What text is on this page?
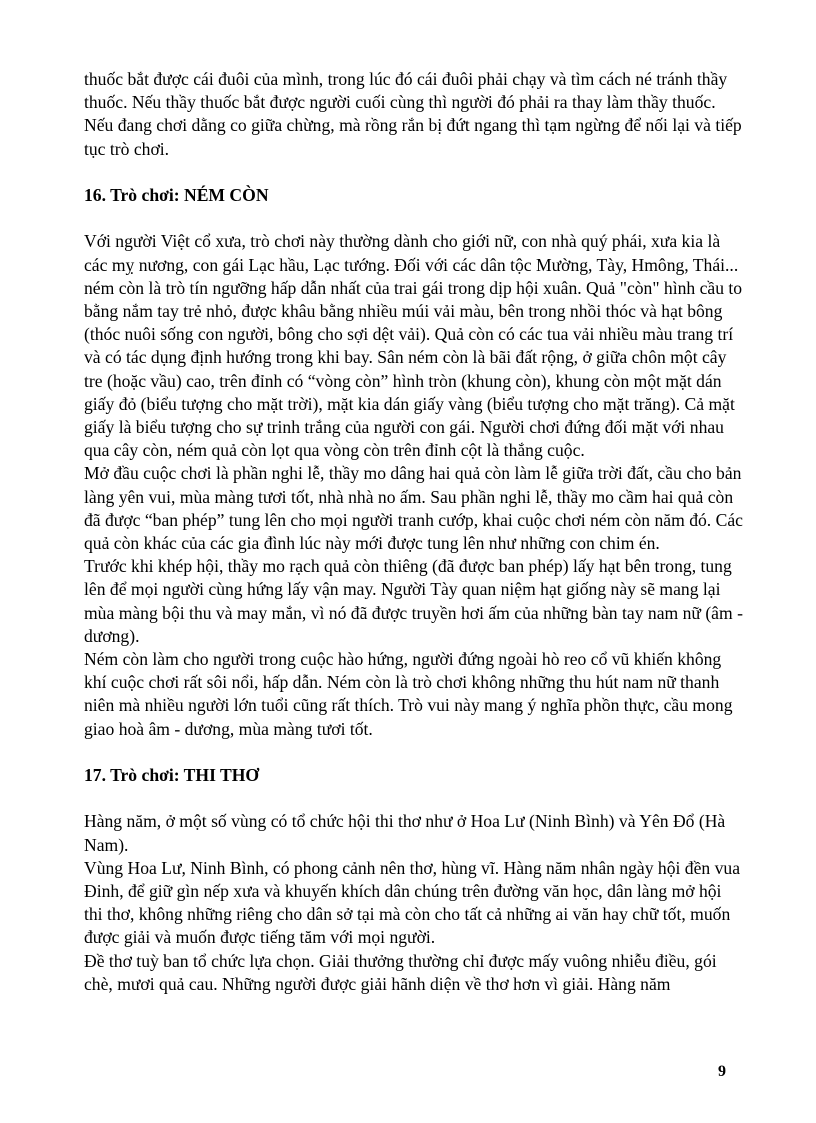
thuốc bắt được cái đuôi của mình, trong lúc đó cái đuôi phải chạy và tìm cách né tránh thầy thuốc. Nếu thầy thuốc bắt được người cuối cùng thì người đó phải ra thay làm thầy thuốc.

Nếu đang chơi dằng co giữa chừng, mà rồng rắn bị đứt ngang thì tạm ngừng để nối lại và tiếp tục trò chơi.

16. Trò chơi: NÉM CÒN

Với người Việt cổ xưa, trò chơi này thường dành cho giới nữ, con nhà quý phái, xưa kia là các mỵ nương, con gái Lạc hầu, Lạc tướng. Đối với các dân tộc Mường, Tày, Hmông, Thái... ném còn là trò tín ngưỡng hấp dẫn nhất của trai gái trong dịp hội xuân. Quả "còn" hình cầu to bằng nắm tay trẻ nhỏ, được khâu bằng nhiều múi vải màu, bên trong nhồi thóc và hạt bông (thóc nuôi sống con người, bông cho sợi dệt vải). Quả còn có các tua vải nhiều màu trang trí và có tác dụng định hướng trong khi bay. Sân ném còn là bãi đất rộng, ở giữa chôn một cây tre (hoặc vầu) cao, trên đỉnh có “vòng còn” hình tròn (khung còn), khung còn một mặt dán giấy đỏ (biểu tượng cho mặt trời), mặt kia dán giấy vàng (biểu tượng cho mặt trăng). Cả mặt giấy là biểu tượng cho sự trinh trắng của người con gái. Người chơi đứng đối mặt với nhau qua cây còn, ném quả còn lọt qua vòng còn trên đỉnh cột là thắng cuộc.

Mở đầu cuộc chơi là phần nghi lễ, thầy mo dâng hai quả còn làm lễ giữa trời đất, cầu cho bản làng yên vui, mùa màng tươi tốt, nhà nhà no ấm. Sau phần nghi lễ, thầy mo cầm hai quả còn đã được “ban phép” tung lên cho mọi người tranh cướp, khai cuộc chơi ném còn năm đó. Các quả còn khác của các gia đình lúc này mới được tung lên như những con chim én.

Trước khi khép hội, thầy mo rạch quả còn thiêng (đã được ban phép) lấy hạt bên trong, tung lên để mọi người cùng hứng lấy vận may. Người Tày quan niệm hạt giống này sẽ mang lại mùa màng bội thu và may mắn, vì nó đã được truyền hơi ấm của những bàn tay nam nữ (âm - dương).

Ném còn làm cho người trong cuộc hào hứng, người đứng ngoài hò reo cổ vũ khiến không khí cuộc chơi rất sôi nổi, hấp dẫn. Ném còn là trò chơi không những thu hút nam nữ thanh niên mà nhiều người lớn tuổi cũng rất thích. Trò vui này mang ý nghĩa phồn thực, cầu mong giao hoà âm - dương, mùa màng tươi tốt.

17. Trò chơi: THI THƠ

Hàng năm, ở một số vùng có tổ chức hội thi thơ như ở Hoa Lư (Ninh Bình) và Yên Đổ (Hà Nam).

Vùng Hoa Lư, Ninh Bình, có phong cảnh nên thơ, hùng vĩ. Hàng năm nhân ngày hội đền vua Đinh, để giữ gìn nếp xưa và khuyến khích dân chúng trên đường văn học, dân làng mở hội thi thơ, không những riêng cho dân sở tại mà còn cho tất cả những ai văn hay chữ tốt, muốn được giải và muốn được tiếng tăm với mọi người.

Đề thơ tuỳ ban tổ chức lựa chọn. Giải thưởng thường chỉ được mấy vuông nhiễu điều, gói chè, mươi quả cau. Những người được giải hãnh diện về thơ hơn vì giải. Hàng năm

9
